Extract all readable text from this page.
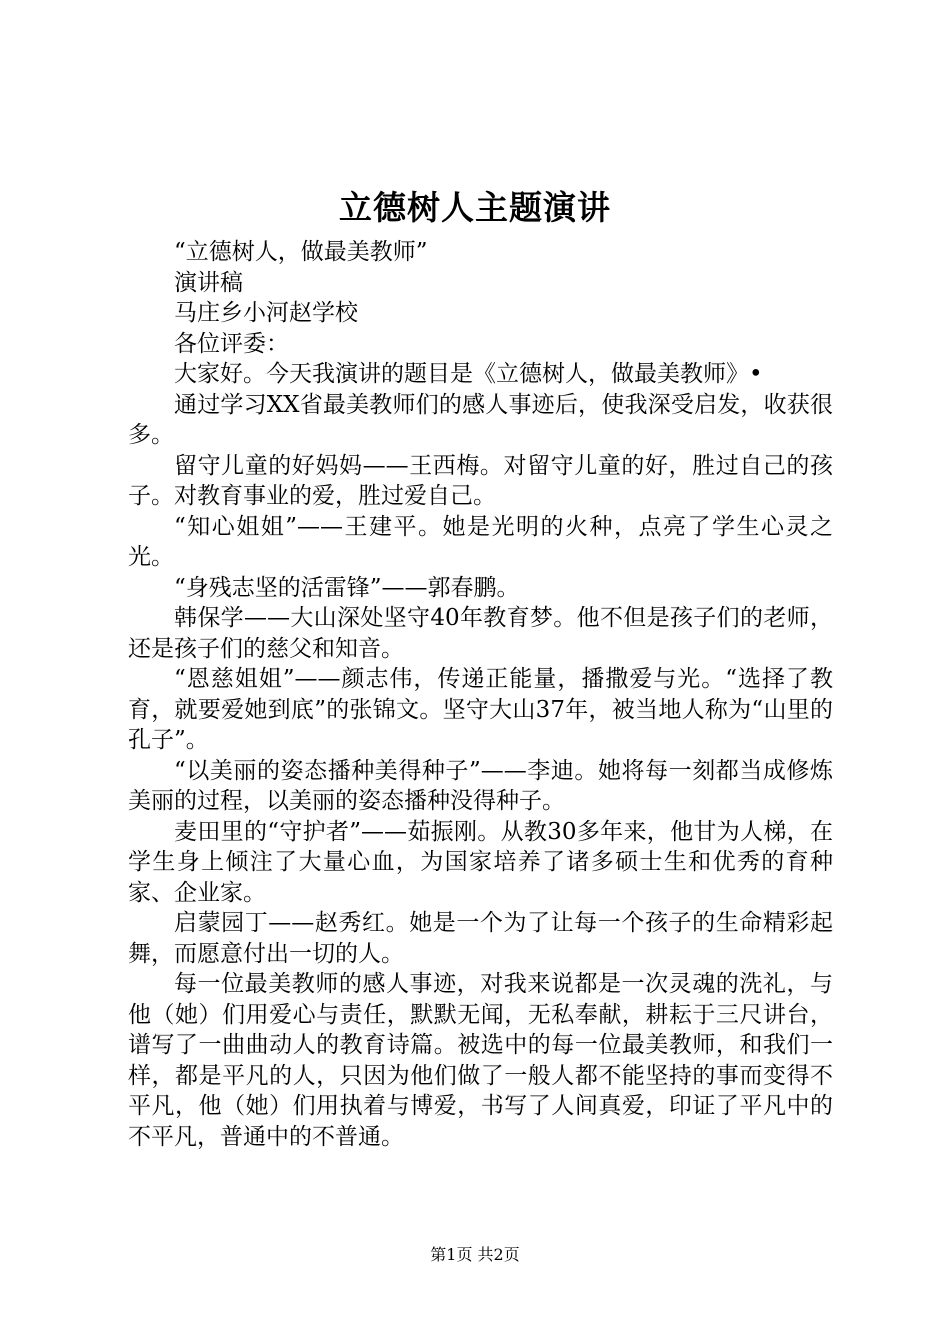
立德树人主题演讲

“立德树人，做最美教师”

演讲稿

马庄乡小河赵学校

各位评委：

大家好。今天我演讲的题目是《立德树人，做最美教师》•

通过学习XX省最美教师们的感人事迹后，使我深受启发，收获很多。

留守儿童的好妈妈——王西梅。对留守儿童的好，胜过自己的孩子。对教育事业的爱，胜过爱自己。

“知心姐姐”——王建平。她是光明的火种，点亮了学生心灵之光。

“身残志坚的活雷锋”——郭春鹏。

韩保学——大山深处坚守40年教育梦。他不但是孩子们的老师，还是孩子们的慈父和知音。

“恩慈姐姐”——颜志伟，传递正能量，播撒爱与光。“选择了教育，就要爱她到底”的张锦文。坚守大山37年，被当地人称为“山里的孔子”。

“以美丽的姿态播种美得种子”——李迪。她将每一刻都当成修炼美丽的过程，以美丽的姿态播种没得种子。

麦田里的“守护者”——茹振刚。从教30多年来，他甘为人梯，在学生身上倾注了大量心血，为国家培养了诸多硕士生和优秀的育种家、企业家。

启蒙园丁——赵秀红。她是一个为了让每一个孩子的生命精彩起舞，而愿意付出一切的人。

每一位最美教师的感人事迹，对我来说都是一次灵魂的洗礼，与他（她）们用爱心与责任，默默无闻，无私奉献，耕耘于三尺讲台，谱写了一曲曲动人的教育诗篇。被选中的每一位最美教师，和我们一样，都是平凡的人，只因为他们做了一般人都不能坚持的事而变得不平凡，他（她）们用执着与博爱，书写了人间真爱，印证了平凡中的不平凡，普通中的不普通。

第1页 共2页
